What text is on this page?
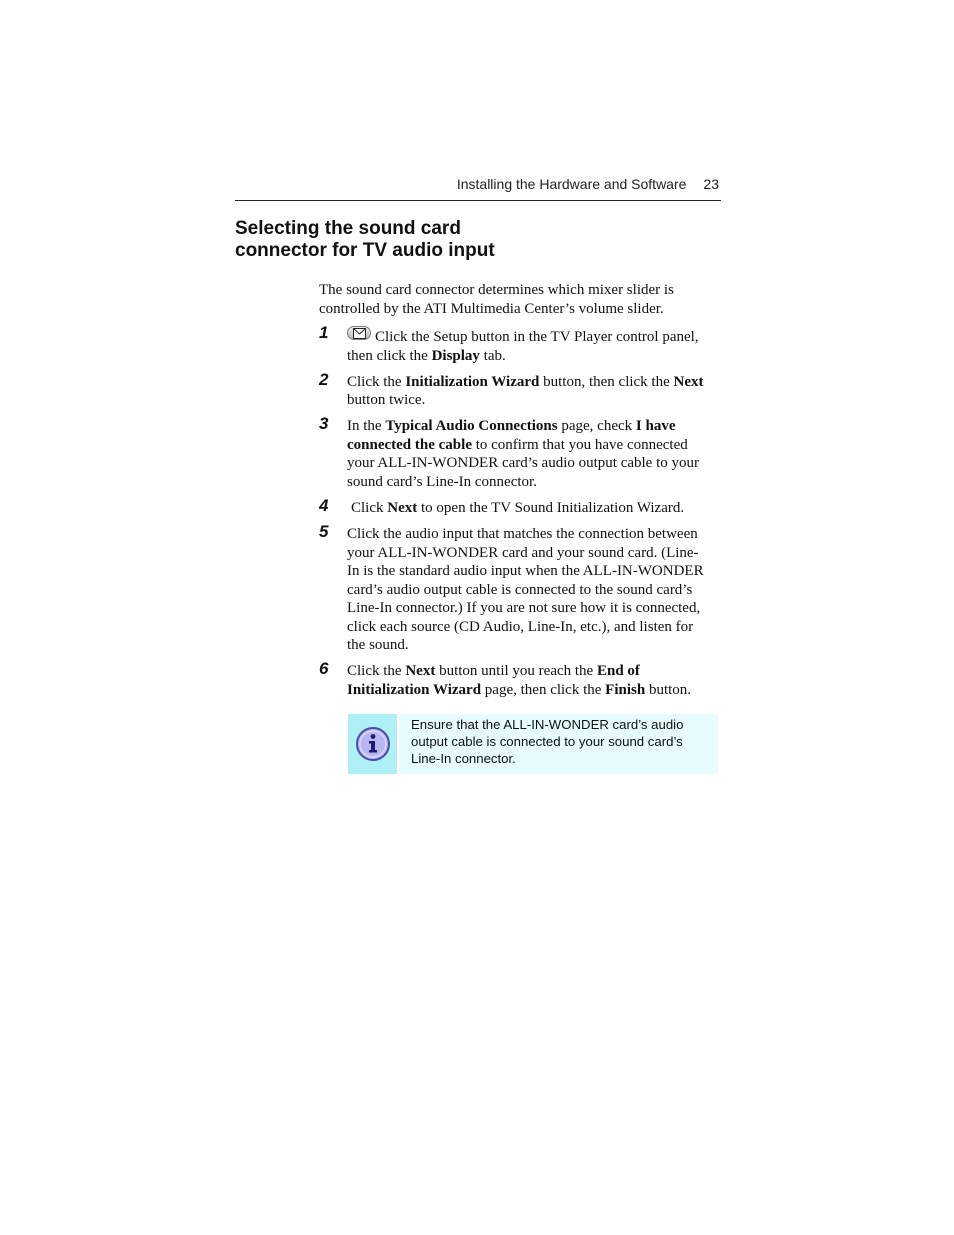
Installing the Hardware and Software 23
Selecting the sound card
connector for TV audio input

The sound card connector determines which mixer slider is
controlled by the ATI Multimedia Center’s volume slider.

1	Click the Setup button in the TV Player control panel,
then click the Display tab.
2 Click the Initialization Wizard button, then click the Next
button twice.
3 In the Typical Audio Connections page, check I have
connected the cable to confirm that you have connected
your ALL-IN-WONDER card’s audio output cable to your
sound card’s Line-In connector.
4 Click Next to open the TV Sound Initialization Wizard.
5 Click the audio input that matches the connection between
your ALL-IN-WONDER card and your sound card. (Line-
In is the standard audio input when the ALL-IN-WONDER
card’s audio output cable is connected to the sound card’s
Line-In connector.) If you are not sure how it is connected,
click each source (CD Audio, Line-In, etc.), and listen for
the sound.
6 Click the Next button until you reach the End of
Initialization Wizard page, then click the Finish button.
Ensure that the ALL-IN-WONDER card’s audio
output cable is connected to your sound card’s
Line-In connector.
